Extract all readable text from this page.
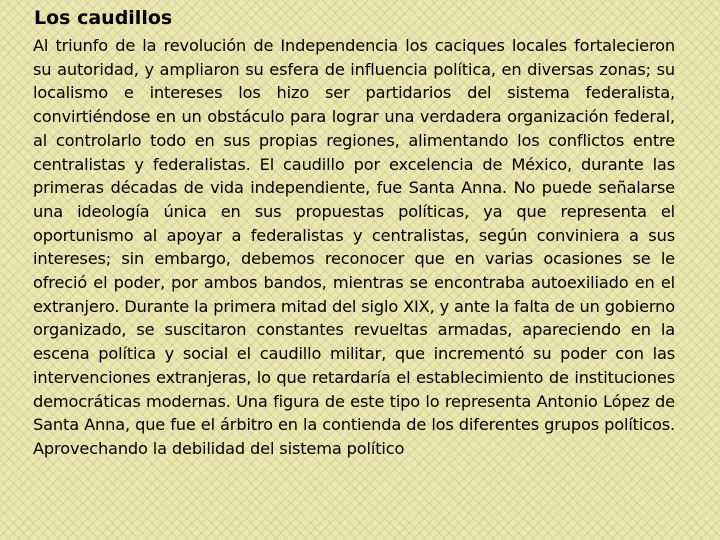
Los caudillos

Al triunfo de la revolución de Independencia los caciques locales fortalecieron su autoridad, y ampliaron su esfera de influencia política, en diversas zonas; su localismo e intereses los hizo ser partidarios del sistema federalista, convirtiéndose en un obstáculo para lograr una verdadera organización federal, al controlarlo todo en sus propias regiones, alimentando los conflictos entre centralistas y federalistas. El caudillo por excelencia de México, durante las primeras décadas de vida independiente, fue Santa Anna. No puede señalarse una ideología única en sus propuestas políticas, ya que representa el oportunismo al apoyar a federalistas y centralistas, según conviniera a sus intereses; sin embargo, debemos reconocer que en varias ocasiones se le ofreció el poder, por ambos bandos, mientras se encontraba autoexiliado en el extranjero. Durante la primera mitad del siglo XIX, y ante la falta de un gobierno organizado, se suscitaron constantes revueltas armadas, apareciendo en la escena política y social el caudillo militar, que incrementó su poder con las intervenciones extranjeras, lo que retardaría el establecimiento de instituciones democráticas modernas. Una figura de este tipo lo representa Antonio López de Santa Anna, que fue el árbitro en la contienda de los diferentes grupos políticos. Aprovechando la debilidad del sistema político
